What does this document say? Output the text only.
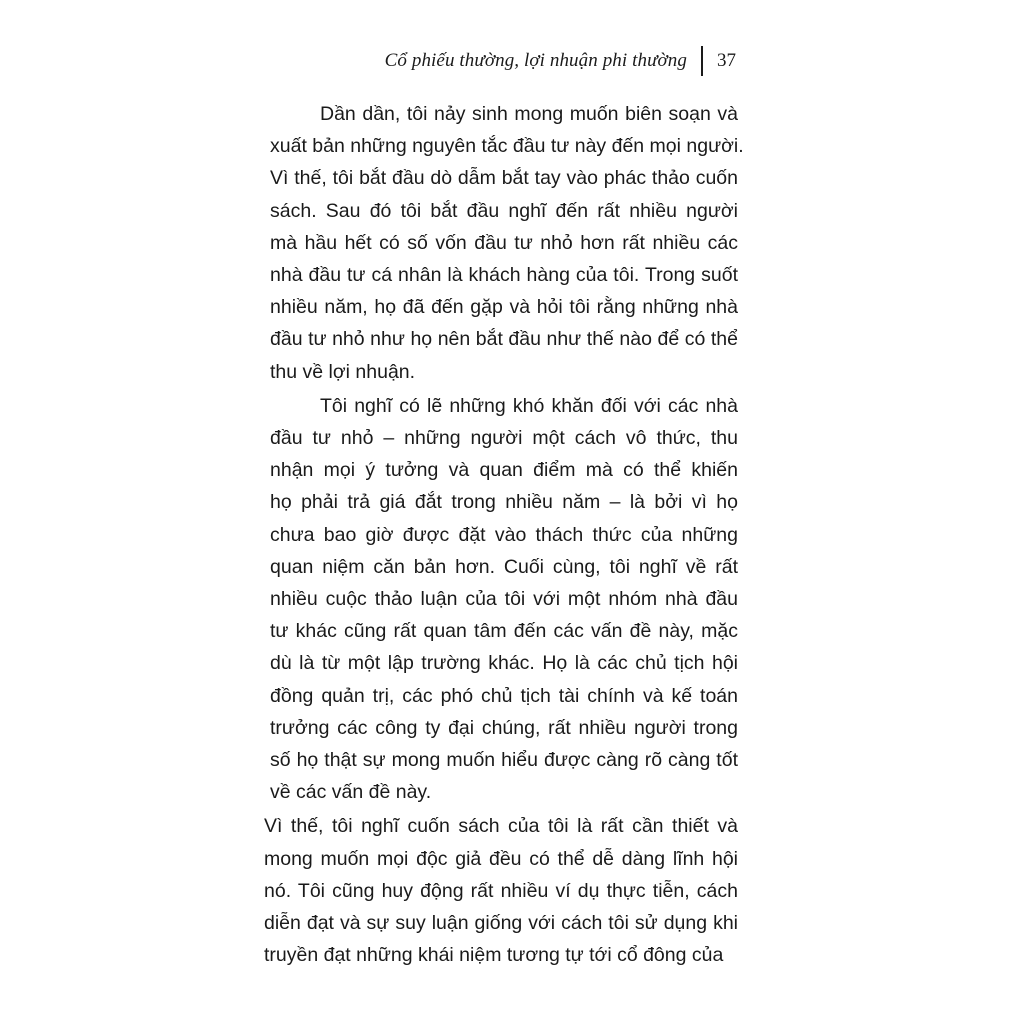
Cổ phiếu thường, lợi nhuận phi thường 37
Dần dần, tôi nảy sinh mong muốn biên soạn và
xuất bản những nguyên tắc đầu tư này đến mọi người.
Vì thế, tôi bắt đầu dò dẫm bắt tay vào phác thảo cuốn
sách. Sau đó tôi bắt đầu nghĩ đến rất nhiều người
mà hầu hết có số vốn đầu tư nhỏ hơn rất nhiều các
nhà đầu tư cá nhân là khách hàng của tôi. Trong suốt
nhiều năm, họ đã đến gặp và hỏi tôi rằng những nhà
đầu tư nhỏ như họ nên bắt đầu như thế nào để có thể
thu về lợi nhuận.
Tôi nghĩ có lẽ những khó khăn đối với các nhà
đầu tư nhỏ – những người một cách vô thức, thu
nhận mọi ý tưởng và quan điểm mà có thể khiến
họ phải trả giá đắt trong nhiều năm – là bởi vì họ
chưa bao giờ được đặt vào thách thức của những
quan niệm căn bản hơn. Cuối cùng, tôi nghĩ về rất
nhiều cuộc thảo luận của tôi với một nhóm nhà đầu
tư khác cũng rất quan tâm đến các vấn đề này, mặc
dù là từ một lập trường khác. Họ là các chủ tịch hội
đồng quản trị, các phó chủ tịch tài chính và kế toán
trưởng các công ty đại chúng, rất nhiều người trong
số họ thật sự mong muốn hiểu được càng rõ càng tốt
về các vấn đề này.
Vì thế, tôi nghĩ cuốn sách của tôi là rất cần thiết và
mong muốn mọi độc giả đều có thể dễ dàng lĩnh hội
nó. Tôi cũng huy động rất nhiều ví dụ thực tiễn, cách
diễn đạt và sự suy luận giống với cách tôi sử dụng khi
truyền đạt những khái niệm tương tự tới cổ đông của
